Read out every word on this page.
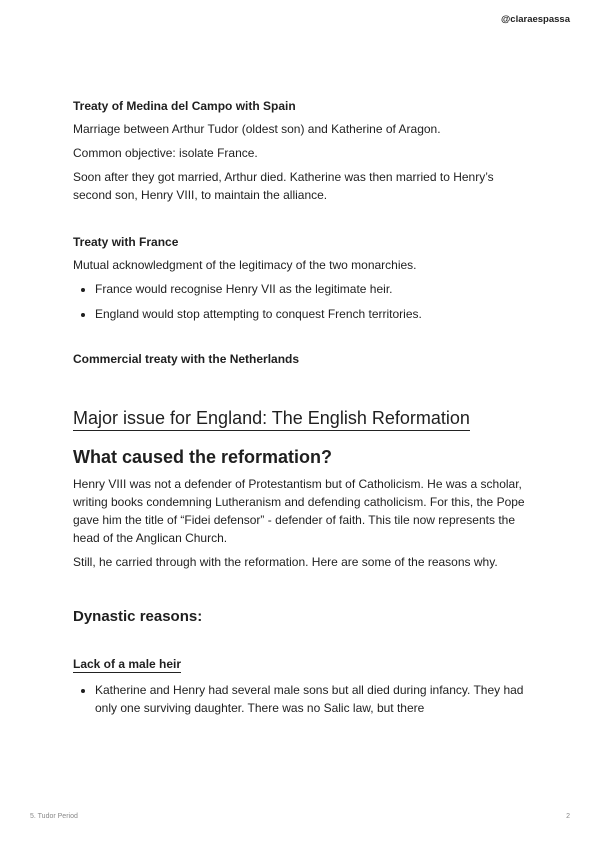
@claraespassa
Treaty of Medina del Campo with Spain

Marriage between Arthur Tudor (oldest son) and Katherine of Aragon.

Common objective: isolate France.

Soon after they got married, Arthur died. Katherine was then married to Henry’s second son, Henry VIII, to maintain the alliance.

Treaty with France

Mutual acknowledgment of the legitimacy of the two monarchies.

• France would recognise Henry VII as the legitimate heir.
• England would stop attempting to conquest French territories.
Commercial treaty with the Netherlands
Major issue for England: The English Reformation
What caused the reformation?

Henry VIII was not a defender of Protestantism but of Catholicism. He was a scholar, writing books condemning Lutheranism and defending catholicism. For this, the Pope gave him the title of “Fidei defensor” - defender of faith. This tile now represents the head of the Anglican Church.

Still, he carried through with the reformation. Here are some of the reasons why.

Dynastic reasons:
Lack of a male heir
• Katherine and Henry had several male sons but all died during infancy. They had only one surviving daughter. There was no Salic law, but there
5. Tudor Period	2
